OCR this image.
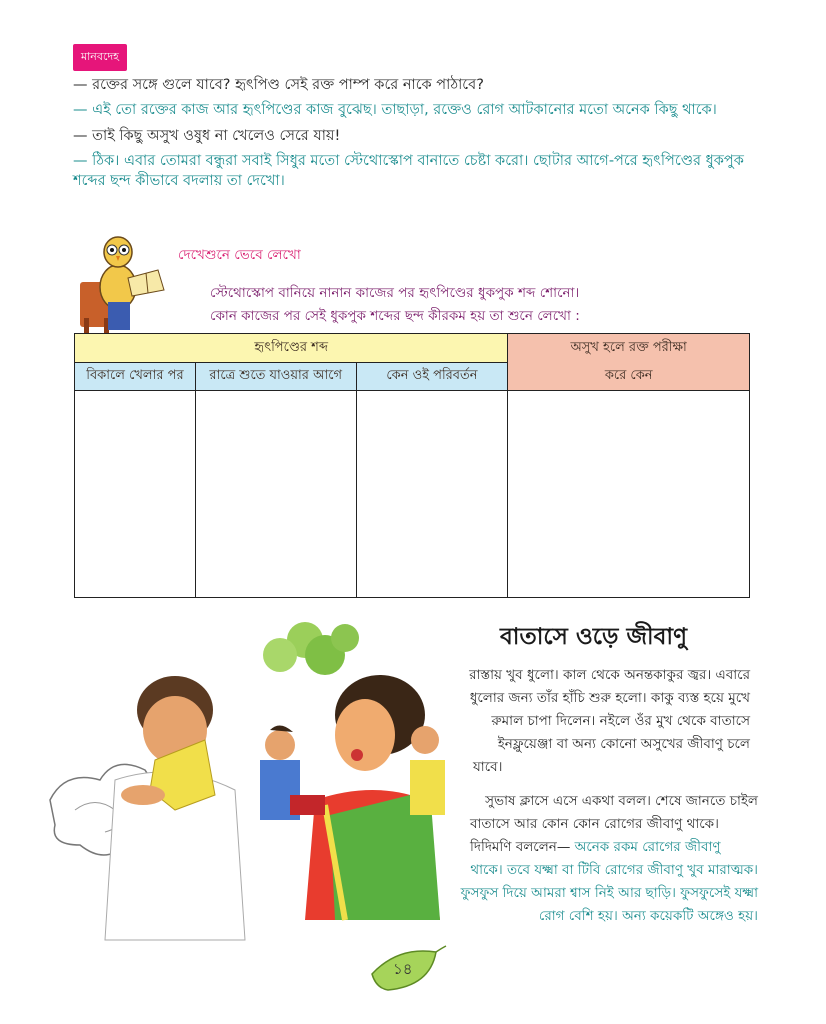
মানবদেহ
— রক্তের সঙ্গে গুলে যাবে? হৃৎপিণ্ড সেই রক্ত পাম্প করে নাকে পাঠাবে?
— এই তো রক্তের কাজ আর হৃৎপিণ্ডের কাজ বুঝেছ। তাছাড়া, রক্তেও রোগ আটকানোর মতো অনেক কিছু থাকে।
— তাই কিছু অসুখ ওষুধ না খেলেও সেরে যায়!
— ঠিক। এবার তোমরা বন্ধুরা সবাই সিধুর মতো স্টেথোস্কোপ বানাতে চেষ্টা করো। ছোটার আগে-পরে হৃৎপিণ্ডের ধুকপুক শব্দের ছন্দ কীভাবে বদলায় তা দেখো।
দেখেশুনে ভেবে লেখো
স্টেথোস্কোপ বানিয়ে নানান কাজের পর হৃৎপিণ্ডের ধুকপুক শব্দ শোনো।
কোন কাজের পর সেই ধুকপুক শব্দের ছন্দ কীরকম হয় তা শুনে লেখো :
হৃৎপিণ্ডের শব্দ			অসুখ হলে রক্ত পরীক্ষা
করে কেন

বিকালে খেলার পর	রাত্রে শুতে যাওয়ার আগে	কেন ওই পরিবর্তন	

বাতাসে ওড়ে জীবাণু
রাস্তায় খুব ধুলো। কাল থেকে অনন্তকাকুর জ্বর। এবারে
ধুলোর জন্য তাঁর হাঁচি শুরু হলো। কাকু ব্যস্ত হয়ে মুখে
রুমাল চাপা দিলেন। নইলে ওঁর মুখ থেকে বাতাসে
ইনফ্লুয়েঞ্জা বা অন্য কোনো অসুখের জীবাণু চলে
যাবে।
সুভাষ ক্লাসে এসে একথা বলল। শেষে জানতে চাইল
বাতাসে আর কোন কোন রোগের জীবাণু থাকে।
দিদিমণি বললেন— অনেক রকম রোগের জীবাণু
থাকে। তবে যক্ষ্মা বা টিবি রোগের জীবাণু খুব মারাত্মক।
ফুসফুস দিয়ে আমরা শ্বাস নিই আর ছাড়ি। ফুসফুসেই যক্ষ্মা
রোগ বেশি হয়। অন্য কয়েকটি অঙ্গেও হয়।
১৪
